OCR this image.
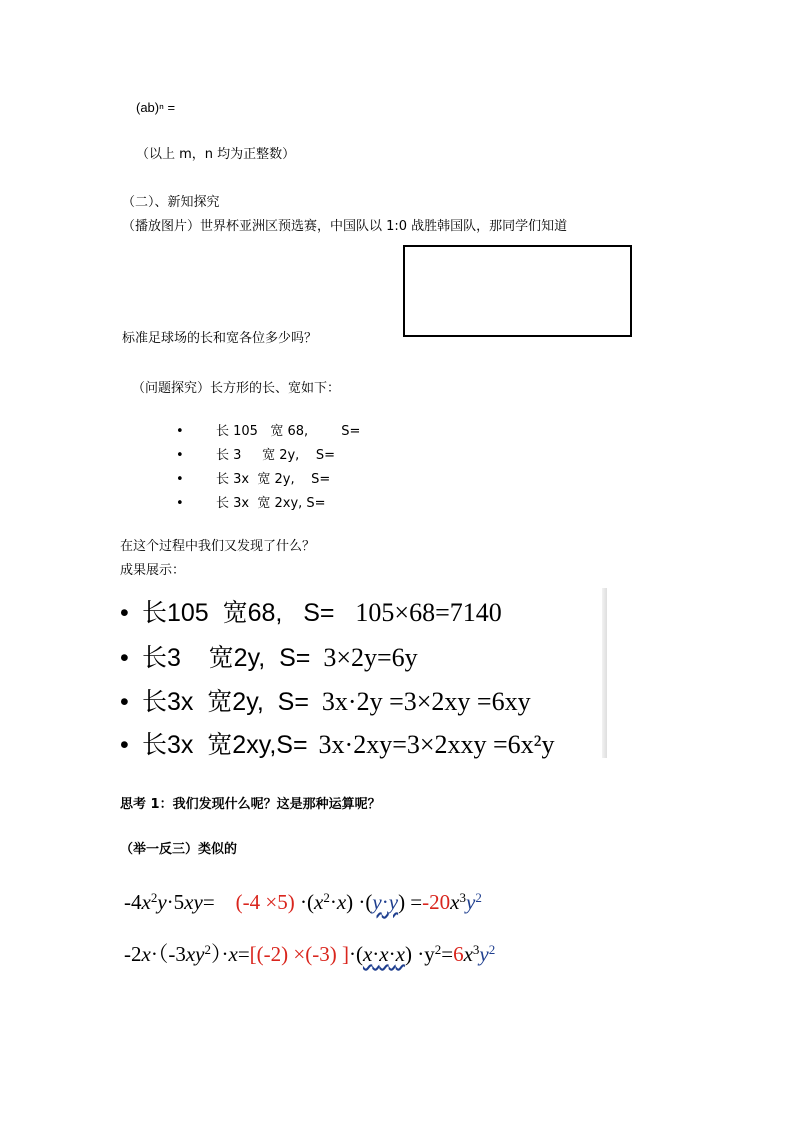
(ab)ⁿ =
（以上 m，n 均为正整数）
（二）、新知探究
（播放图片）世界杯亚洲区预选赛，中国队以 1:0 战胜韩国队，那同学们知道
标准足球场的长和宽各位多少吗？
（问题探究）长方形的长、宽如下：
• 长 105   宽 68,        S=
• 长 3     宽 2y,    S=
• 长 3x  宽 2y,    S=
• 长 3x  宽 2xy, S=
在这个过程中我们又发现了什么？
成果展示：
• 长105  宽68,   S= 105×68=7140
• 长3    宽2y,  S= 3×2y=6y
• 长3x  宽2y,  S= 3x·2y =3×2xy =6xy
• 长3x  宽2xy,S= 3x·2xy=3×2xxy =6x²y
思考 1：我们发现什么呢？这是那种运算呢？
（举一反三）类似的
$-4x^2y\cdot 5xy=$    $(-4 \times 5) \cdot(x^2\cdot x) \cdot(y\cdot y) =-20x^3y^2$
$-2x\cdot(-3xy^2)\cdot x=[(-2) \times(-3)$ ]$\cdot(x\cdot x\cdot x) \cdot y^2=6x^3y^2$
